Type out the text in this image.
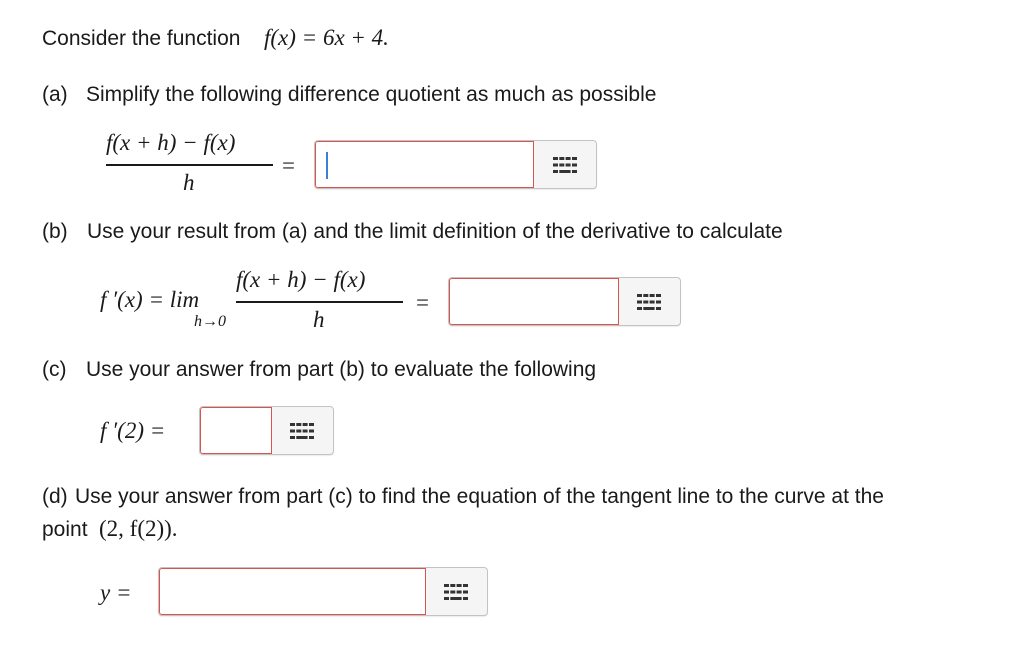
Consider the function f(x) = 6x + 4.
(a) Simplify the following difference quotient as much as possible
f(x + h) − f(x)
h
=
(b) Use your result from (a) and the limit definition of the derivative to calculate
f ′(x) = lim
h→0
f(x + h) − f(x)
h
=
(c) Use your answer from part (b) to evaluate the following
f ′(2) =
(d) Use your answer from part (c) to find the equation of the tangent line to the curve at the
point (2, f(2)).
y =
